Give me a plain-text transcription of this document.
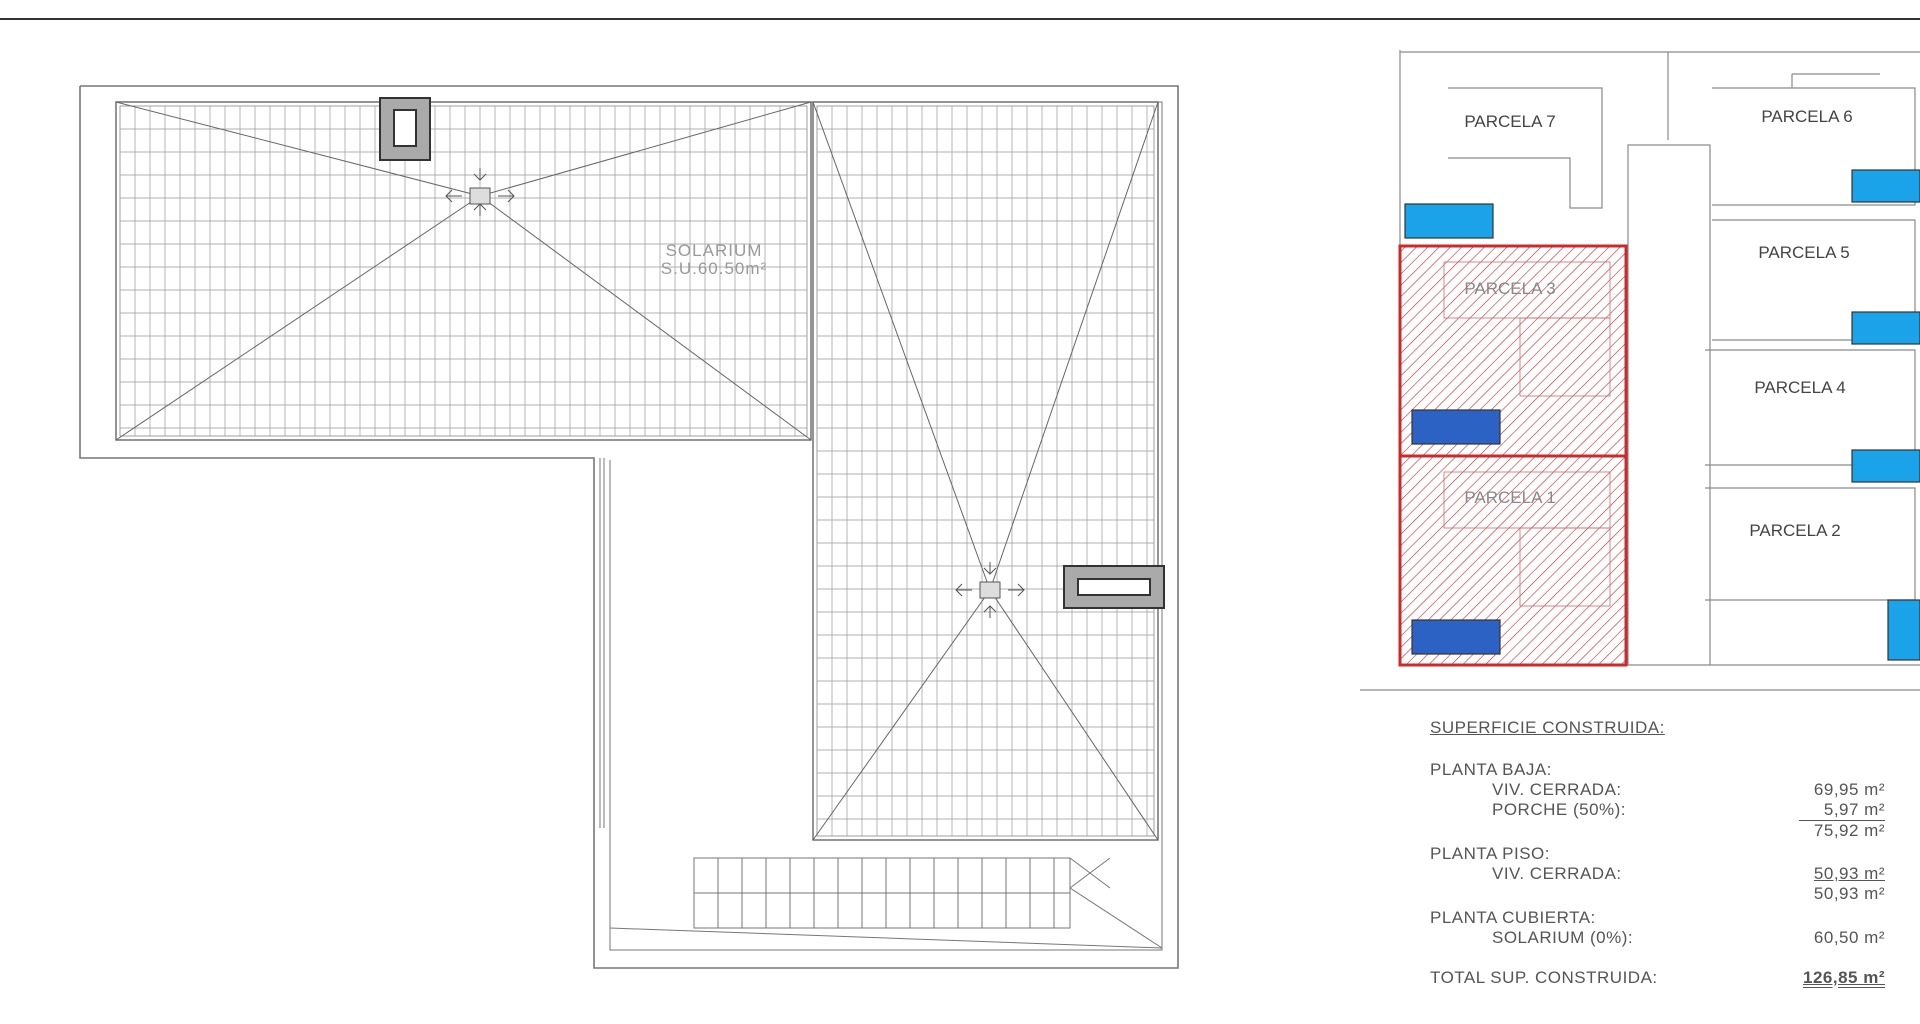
SOLARIUM
S.U.60.50m²
PARCELA 7	PARCELA 6
PARCELA 5
PARCELA 3
PARCELA 4
PARCELA 1
PARCELA 2
SUPERFICIE CONSTRUIDA:
PLANTA BAJA:
VIV. CERRADA:	69,95 m²
PORCHE (50%):	5,97 m²
75,92 m²
PLANTA PISO:
VIV. CERRADA:	50,93 m²
50,93 m²
PLANTA CUBIERTA:
SOLARIUM (0%):	60,50 m²
TOTAL SUP. CONSTRUIDA:	126,85 m²
